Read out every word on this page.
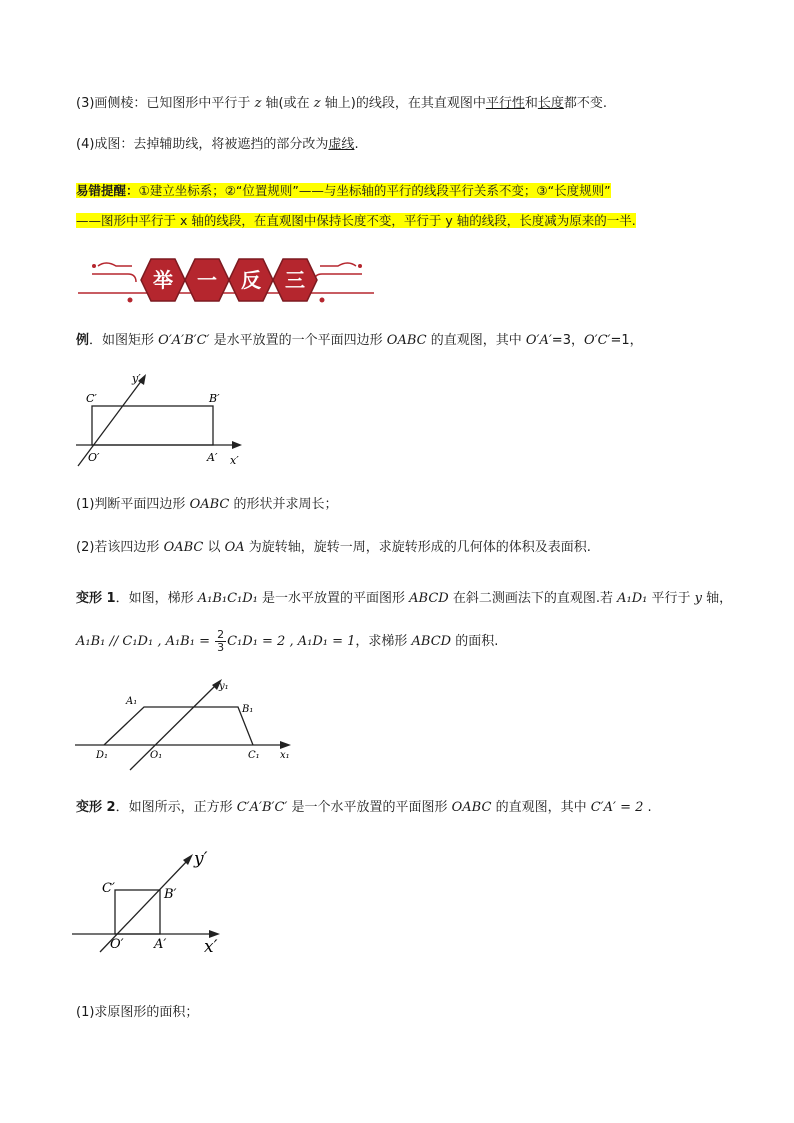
(3)画侧棱：已知图形中平行于 z 轴(或在 z 轴上)的线段，在其直观图中平行性和长度都不变.
(4)成图：去掉辅助线，将被遮挡的部分改为虚线.
易错提醒：①建立坐标系；②“位置规则”——与坐标轴的平行的线段平行关系不变；③“长度规则”
——图形中平行于 x 轴的线段，在直观图中保持长度不变，平行于 y 轴的线段，长度减为原来的一半.
举	一	反	三
例．如图矩形 O′A′B′C′ 是水平放置的一个平面四边形 OABC 的直观图，其中 O′A′=3，O′C′=1，
C′	B′
O′	A′ x′
y′
(1)判断平面四边形 OABC 的形状并求周长；
(2)若该四边形 OABC 以 OA 为旋转轴，旋转一周，求旋转形成的几何体的体积及表面积.
变形 1．如图，梯形 A₁B₁C₁D₁ 是一水平放置的平面图形 ABCD 在斜二测画法下的直观图.若 A₁D₁ 平行于 y 轴，
A₁B₁ // C₁D₁ , $A_1B_1 = \frac{2}{3} C_1D_1 = 2$ , A₁D₁ = 1，求梯形 ABCD 的面积.
A₁
B₁
D₁	O₁	C₁ x₁
y₁
变形 2．如图所示，正方形 C′A′B′C′ 是一个水平放置的平面图形 OABC 的直观图，其中 C′A′ = 2 .
C′	B′
O′ A′ x′
y′
(1)求原图形的面积；
